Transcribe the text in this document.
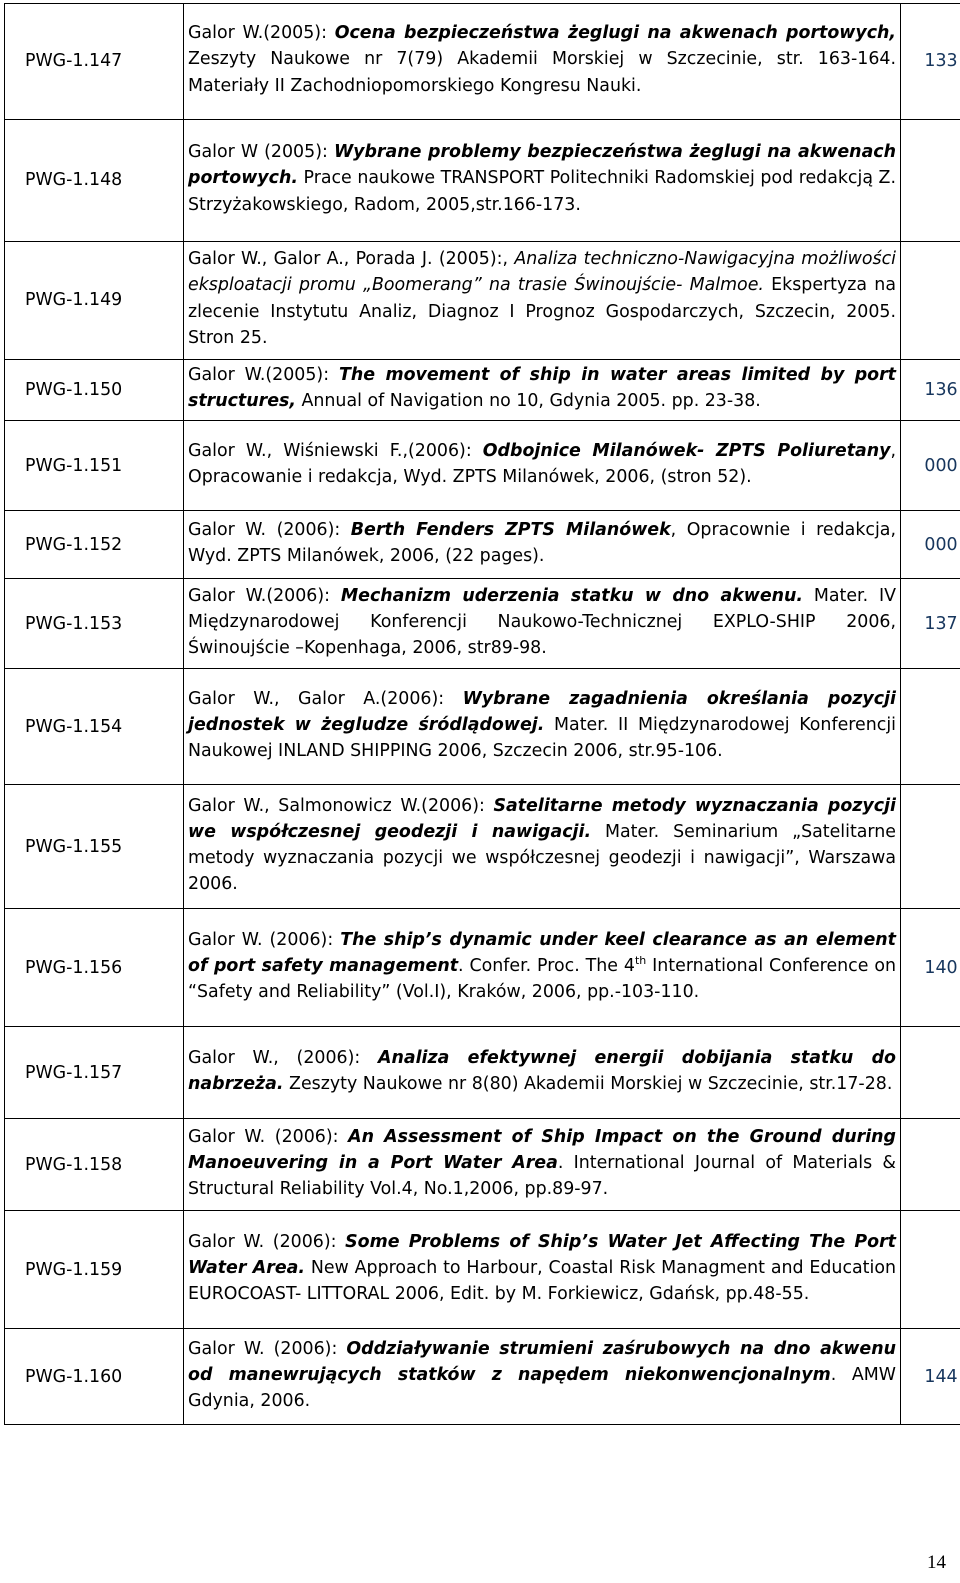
PWG-1.147	Galor W.(2005): Ocena bezpieczeństwa żeglugi na akwenach portowych, Zeszyty Naukowe nr 7(79) Akademii Morskiej w Szczecinie, str. 163-164. Materiały II Zachodniopomorskiego Kongresu Nauki.	133
PWG-1.148	Galor W (2005): Wybrane problemy bezpieczeństwa żeglugi na akwenach portowych. Prace naukowe TRANSPORT Politechniki Radomskiej pod redakcją Z. Strzyżakowskiego, Radom, 2005,str.166-173.	
PWG-1.149	Galor W., Galor A., Porada J. (2005):, Analiza techniczno-Nawigacyjna możliwości eksploatacji promu „Boomerang” na trasie Świnoujście- Malmoe. Ekspertyza na zlecenie Instytutu Analiz, Diagnoz I Prognoz Gospodarczych, Szczecin, 2005. Stron 25.	
PWG-1.150	Galor W.(2005): The movement of ship in water areas limited by port structures, Annual of Navigation no 10, Gdynia 2005. pp. 23-38.	136
PWG-1.151	Galor W., Wiśniewski F.,(2006): Odbojnice Milanówek- ZPTS Poliuretany, Opracowanie i redakcja, Wyd. ZPTS Milanówek, 2006, (stron 52).	000
PWG-1.152	Galor W. (2006): Berth Fenders ZPTS Milanówek, Opracownie i redakcja, Wyd. ZPTS Milanówek, 2006, (22 pages).	000
PWG-1.153	Galor W.(2006): Mechanizm uderzenia statku w dno akwenu. Mater. IV Międzynarodowej Konferencji Naukowo-Technicznej EXPLO-SHIP 2006, Świnoujście –Kopenhaga, 2006, str89-98.	137
PWG-1.154	Galor W., Galor A.(2006): Wybrane zagadnienia określania pozycji jednostek w żegludze śródlądowej. Mater. II Międzynarodowej Konferencji Naukowej INLAND SHIPPING 2006, Szczecin 2006, str.95-106.	
PWG-1.155	Galor W., Salmonowicz W.(2006): Satelitarne metody wyznaczania pozycji we współczesnej geodezji i nawigacji. Mater. Seminarium „Satelitarne metody wyznaczania pozycji we współczesnej geodezji i nawigacji”, Warszawa 2006.	
PWG-1.156	Galor W. (2006): The ship’s dynamic under keel clearance as an element of port safety management. Confer. Proc. The 4th International Conference on “Safety and Reliability” (Vol.I), Kraków, 2006, pp.-103-110.	140
PWG-1.157	Galor W., (2006): Analiza efektywnej energii dobijania statku do nabrzeża. Zeszyty Naukowe nr 8(80) Akademii Morskiej w Szczecinie, str.17-28.	
PWG-1.158	Galor W. (2006): An Assessment of Ship Impact on the Ground during Manoeuvering in a Port Water Area. International Journal of Materials & Structural Reliability Vol.4, No.1,2006, pp.89-97.	
PWG-1.159	Galor W. (2006): Some Problems of Ship’s Water Jet Affecting The Port Water Area. New Approach to Harbour, Coastal Risk Managment and Education EUROCOAST- LITTORAL 2006, Edit. by M. Forkiewicz, Gdańsk, pp.48-55.	
PWG-1.160	Galor W. (2006): Oddziaływanie strumieni zaśrubowych na dno akwenu od manewrujących statków z napędem niekonwencjonalnym. AMW Gdynia, 2006.	144
14
